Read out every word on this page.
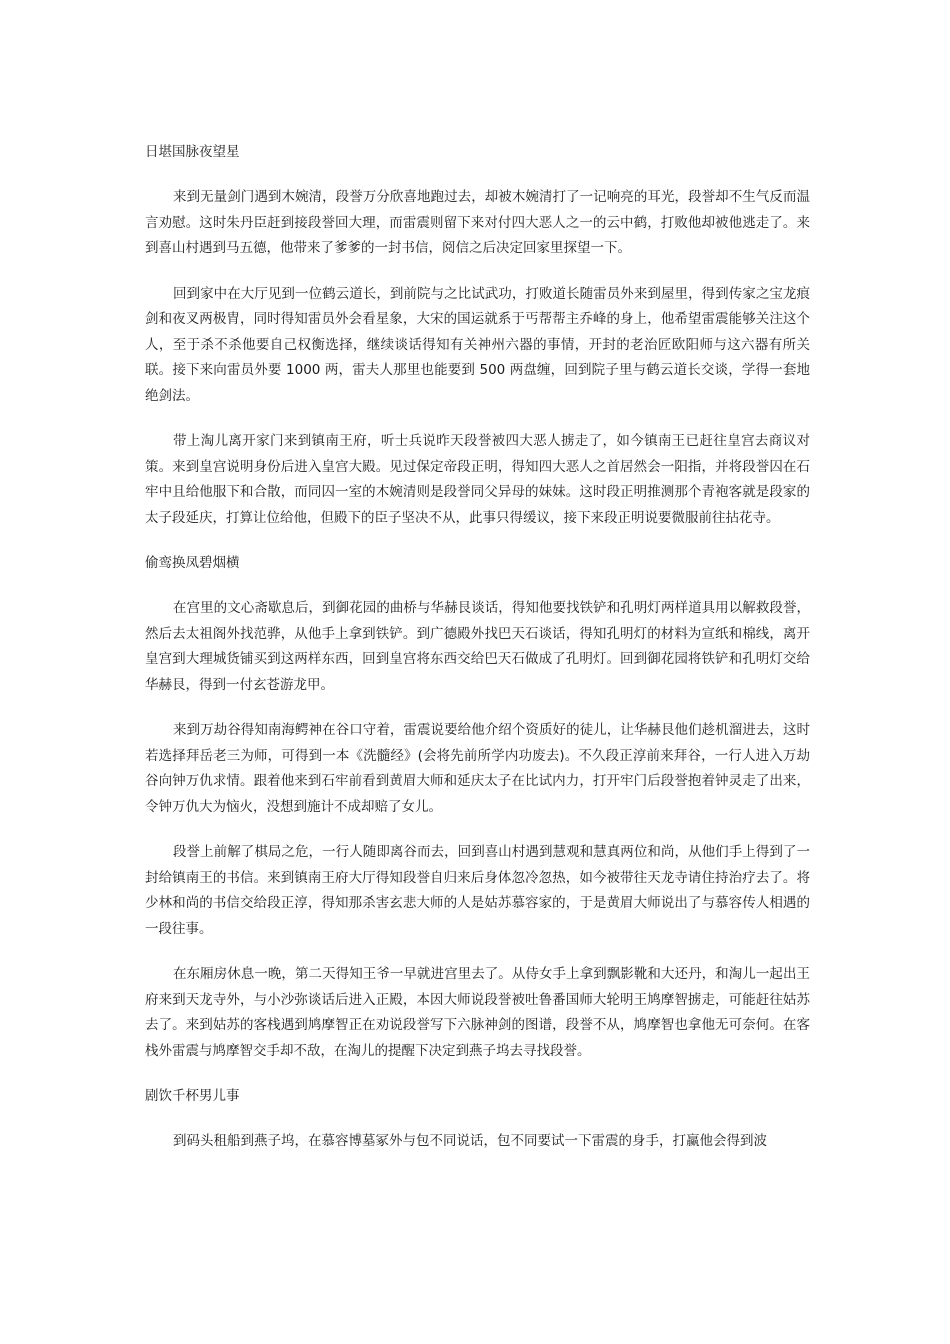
日堪国脉夜望星

来到无量剑门遇到木婉清，段誉万分欣喜地跑过去，却被木婉清打了一记响亮的耳光，段誉却不生气反而温言劝慰。这时朱丹臣赶到接段誉回大理，而雷震则留下来对付四大恶人之一的云中鹤，打败他却被他逃走了。来到喜山村遇到马五德，他带来了爹爹的一封书信，阅信之后决定回家里探望一下。

回到家中在大厅见到一位鹤云道长，到前院与之比试武功，打败道长随雷员外来到屋里，得到传家之宝龙痕剑和夜叉两极胄，同时得知雷员外会看星象，大宋的国运就系于丐帮帮主乔峰的身上，他希望雷震能够关注这个人，至于杀不杀他要自己权衡选择，继续谈话得知有关神州六器的事情，开封的老治匠欧阳师与这六器有所关联。接下来向雷员外要 1000 两，雷夫人那里也能要到 500 两盘缠，回到院子里与鹤云道长交谈，学得一套地绝剑法。

带上淘儿离开家门来到镇南王府，听士兵说昨天段誉被四大恶人掳走了，如今镇南王已赶往皇宫去商议对策。来到皇宫说明身份后进入皇宫大殿。见过保定帝段正明，得知四大恶人之首居然会一阳指，并将段誉囚在石牢中且给他服下和合散，而同囚一室的木婉清则是段誉同父异母的妹妹。这时段正明推测那个青袍客就是段家的太子段延庆，打算让位给他，但殿下的臣子坚决不从，此事只得缓议，接下来段正明说要微服前往拈花寺。

偷鸾换凤碧烟横

在宫里的文心斋歇息后，到御花园的曲桥与华赫艮谈话，得知他要找铁铲和孔明灯两样道具用以解救段誉，然后去太祖阁外找范骅，从他手上拿到铁铲。到广德殿外找巴天石谈话，得知孔明灯的材料为宣纸和棉线，离开皇宫到大理城货铺买到这两样东西，回到皇宫将东西交给巴天石做成了孔明灯。回到御花园将铁铲和孔明灯交给华赫艮，得到一付玄苍游龙甲。

来到万劫谷得知南海鳄神在谷口守着，雷震说要给他介绍个资质好的徒儿，让华赫艮他们趁机溜进去，这时若选择拜岳老三为师，可得到一本《洗髓经》(会将先前所学内功废去)。不久段正淳前来拜谷，一行人进入万劫谷向钟万仇求情。跟着他来到石牢前看到黄眉大师和延庆太子在比试内力，打开牢门后段誉抱着钟灵走了出来，令钟万仇大为恼火，没想到施计不成却赔了女儿。

段誉上前解了棋局之危，一行人随即离谷而去，回到喜山村遇到慧观和慧真两位和尚，从他们手上得到了一封给镇南王的书信。来到镇南王府大厅得知段誉自归来后身体忽冷忽热，如今被带往天龙寺请住持治疗去了。将少林和尚的书信交给段正淳，得知那杀害玄悲大师的人是姑苏慕容家的，于是黄眉大师说出了与慕容传人相遇的一段往事。

在东厢房休息一晚，第二天得知王爷一早就进宫里去了。从侍女手上拿到飘影靴和大还丹，和淘儿一起出王府来到天龙寺外，与小沙弥谈话后进入正殿，本因大师说段誉被吐鲁番国师大轮明王鸠摩智掳走，可能赶往姑苏去了。来到姑苏的客栈遇到鸠摩智正在劝说段誉写下六脉神剑的图谱，段誉不从，鸠摩智也拿他无可奈何。在客栈外雷震与鸠摩智交手却不敌，在淘儿的提醒下决定到燕子坞去寻找段誉。

剧饮千杯男儿事

到码头租船到燕子坞，在慕容博墓冢外与包不同说话，包不同要试一下雷震的身手，打赢他会得到波
